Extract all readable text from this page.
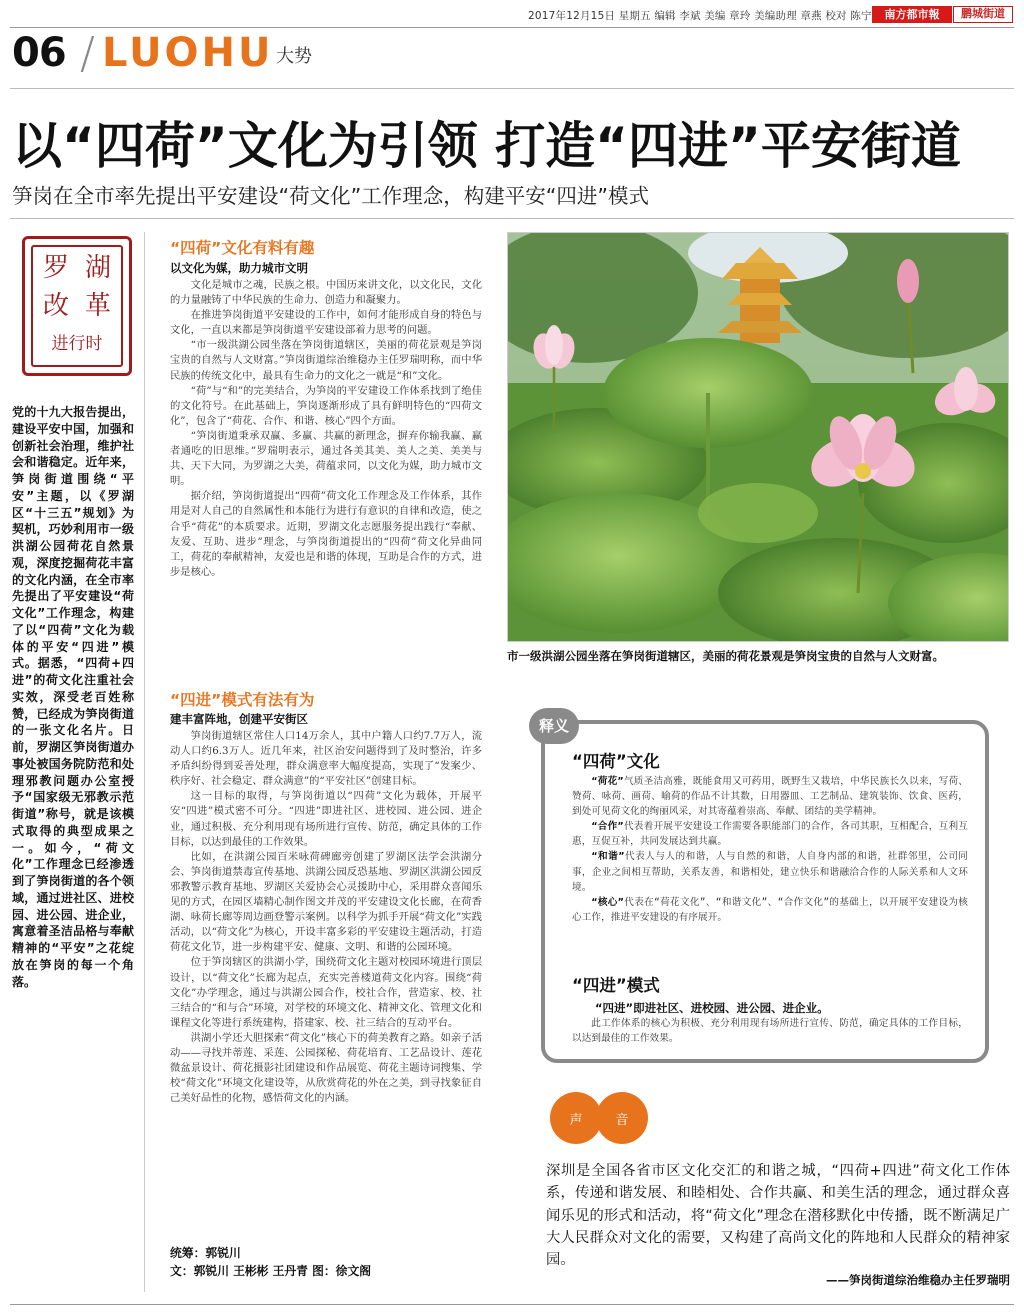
2017年12月15日 星期五 编辑 李斌 美编 章玲 美编助理 章燕 校对 陈宁	南方都市報	鹏城街道
06 / LUOHU 大势
以“四荷”文化为引领 打造“四进”平安街道
笋岗在全市率先提出平安建设“荷文化”工作理念，构建平安“四进”模式
罗 湖
改 革
进行时
党的十九大报告提出，建设平安中国，加强和创新社会治理，维护社会和谐稳定。近年来，笋岗街道围绕“平安”主题，以《罗湖区“十三五”规划》为契机，巧妙利用市一级洪湖公园荷花自然景观，深度挖掘荷花丰富的文化内涵，在全市率先提出了平安建设“荷文化”工作理念，构建了以“四荷”文化为载体的平安“四进”模式。据悉，“四荷+四进”的荷文化注重社会实效，深受老百姓称赞，已经成为笋岗街道的一张文化名片。日前，罗湖区笋岗街道办事处被国务院防范和处理邪教问题办公室授予“国家级无邪教示范街道”称号，就是该模式取得的典型成果之一。如今，“荷文化”工作理念已经渗透到了笋岗街道的各个领域，通过进社区、进校园、进公园、进企业，寓意着圣洁品格与奉献精神的“平安”之花绽放在笋岗的每一个角落。
“四荷”文化有料有趣
以文化为媒，助力城市文明

文化是城市之魂，民族之根。中国历来讲文化，以文化民，文化的力量融铸了中华民族的生命力、创造力和凝聚力。

在推进笋岗街道平安建设的工作中，如何才能形成自身的特色与文化，一直以来都是笋岗街道平安建设部着力思考的问题。

“市一级洪湖公园坐落在笋岗街道辖区，美丽的荷花景观是笋岗宝贵的自然与人文财富。”笋岗街道综治维稳办主任罗瑞明称，而中华民族的传统文化中，最具有生命力的文化之一就是“和”文化。

“荷”与“和”的完美结合，为笋岗的平安建设工作体系找到了绝佳的文化符号。在此基础上，笋岗逐渐形成了具有鲜明特色的“四荷文化”，包含了“荷花、合作、和谐、核心”四个方面。

“笋岗街道秉承双赢、多赢、共赢的新理念，摒弃你输我赢、赢者通吃的旧思维。”罗瑞明表示，通过各美其美、美人之美、美美与共、天下大同，为罗湖之大美，荷蕴求同，以文化为媒，助力城市文明。

据介绍，笋岗街道提出“四荷”荷文化工作理念及工作体系，其作用是对人自己的自然属性和本能行为进行有意识的自律和改造，使之合乎“荷花”的本质要求。近期，罗湖文化志愿服务提出践行“奉献、友爱、互助、进步”理念，与笋岗街道提出的“四荷”荷文化异曲同工，荷花的奉献精神，友爱也是和谐的体现，互助是合作的方式，进步是核心。

“四进”模式有法有为
建丰富阵地，创建平安街区

笋岗街道辖区常住人口14万余人，其中户籍人口约7.7万人，流动人口约6.3万人。近几年来，社区治安问题得到了及时整治，许多矛盾纠纷得到妥善处理，群众满意率大幅度提高，实现了“发案少、秩序好、社会稳定、群众满意”的“平安社区”创建目标。

这一目标的取得，与笋岗街道以“四荷”文化为载体，开展平安“四进”模式密不可分。“四进”即进社区、进校园、进公园、进企业，通过积极、充分利用现有场所进行宣传、防范，确定具体的工作目标，以达到最佳的工作效果。

比如，在洪湖公园百米咏荷碑廊旁创建了罗湖区法学会洪湖分会、笋岗街道禁毒宣传基地、洪湖公园反恐基地、罗湖区洪湖公园反邪教警示教育基地、罗湖区关爱协会心灵援助中心，采用群众喜闻乐见的方式，在园区墙精心制作图文并茂的平安建设文化长廊，在荷香湖、咏荷长廊等周边画登警示案例。以科学为抓手开展“荷文化”实践活动，以“荷文化”为核心，开设丰富多彩的平安建设主题活动，打造荷花文化节，进一步构建平安、健康、文明、和谐的公园环境。

位于笋岗辖区的洪湖小学，围绕荷文化主题对校园环境进行顶层设计，以“荷文化”长廊为起点，充实完善楼道荷文化内容。围绕“荷文化”办学理念，通过与洪湖公园合作，校社合作，营造家、校、社三结合的“和与合”环境，对学校的环境文化、精神文化、管理文化和课程文化等进行系统建构，搭建家、校、社三结合的互动平台。

洪湖小学还大胆探索“荷文化”核心下的荷美教育之路。如亲子活动——寻找并蒂莲、采莲、公园探秘、荷花培育、工艺品设计、莲花微盆景设计、荷花摄影社团建设和作品展览、荷花主题诗词搜集、学校“荷文化”环境文化建设等，从欣赏荷花的外在之美，到寻找象征自己美好品性的化物，感悟荷文化的内涵。

统筹：郭锐川
文：郭锐川 王彬彬 王丹青 图：徐文阁
市一级洪湖公园坐落在笋岗街道辖区，美丽的荷花景观是笋岗宝贵的自然与人文财富。
释义
“四荷”文化

“荷花”气质圣洁高雅，既能食用又可药用，既野生又栽培，中华民族长久以来，写荷、赞荷、咏荷、画荷、喻荷的作品不计其数，日用器皿、工艺制品、建筑装饰、饮食、医药，到处可见荷文化的绚丽风采，对其寄蕴着崇高、奉献、团结的美学精神。

“合作”代表着开展平安建设工作需要各职能部门的合作，各司其职，互相配合，互利互惠，互促互补，共同发展达到共赢。

“和谐”代表人与人的和谐，人与自然的和谐，人自身内部的和谐，社群邻里，公司同事，企业之间相互帮助，关系友善，和谐相处，建立快乐和谐融洽合作的人际关系和人文环境。

“核心”代表在“荷花文化”、“和谐文化”、“合作文化”的基础上，以开展平安建设为核心工作，推进平安建设的有序展开。

“四进”模式
“四进”即进社区、进校园、进公园、进企业。
此工作体系的核心为积极、充分利用现有场所进行宣传、防范，确定具体的工作目标，以达到最佳的工作效果。
声	音
深圳是全国各省市区文化交汇的和谐之城，“四荷+四进”荷文化工作体系，传递和谐发展、和睦相处、合作共赢、和美生活的理念，通过群众喜闻乐见的形式和活动，将“荷文化”理念在潜移默化中传播，既不断满足广大人民群众对文化的需要，又构建了高尚文化的阵地和人民群众的精神家园。
——笋岗街道综治维稳办主任罗瑞明
